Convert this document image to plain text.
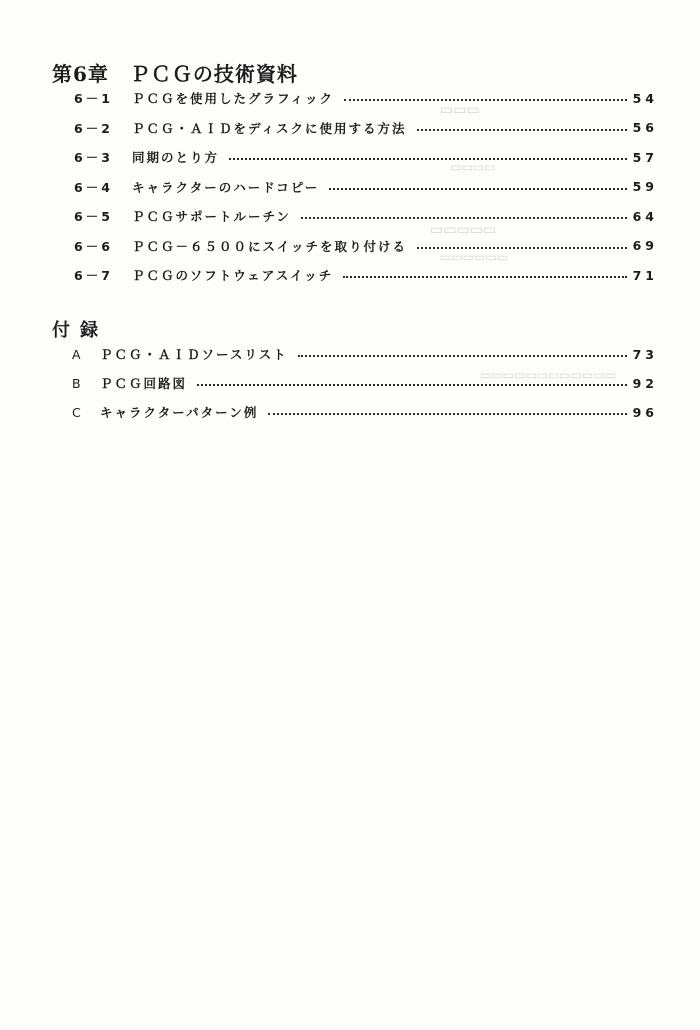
▭▭▭
▭▭▭▭
▭▭▭▭▭
▭▭▭▭▭▭
▭▭▭▭▭▭▭▭▭▭▭▭
第6章　ＰＣＧの技術資料
6－1	ＰＣＧを使用したグラフィック	54
6－2	ＰＣＧ・ＡＩＤをディスクに使用する方法	56
6－3	同期のとり方	57
6－4	キャラクターのハードコピー	59
6－5	ＰＣＧサポートルーチン	64
6－6	ＰＣＧ－６５００にスイッチを取り付ける	69
6－7	ＰＣＧのソフトウェアスイッチ	71
付録
A	ＰＣＧ・ＡＩＤソースリスト	73
B	ＰＣＧ回路図	92
C	キャラクターパターン例	96
